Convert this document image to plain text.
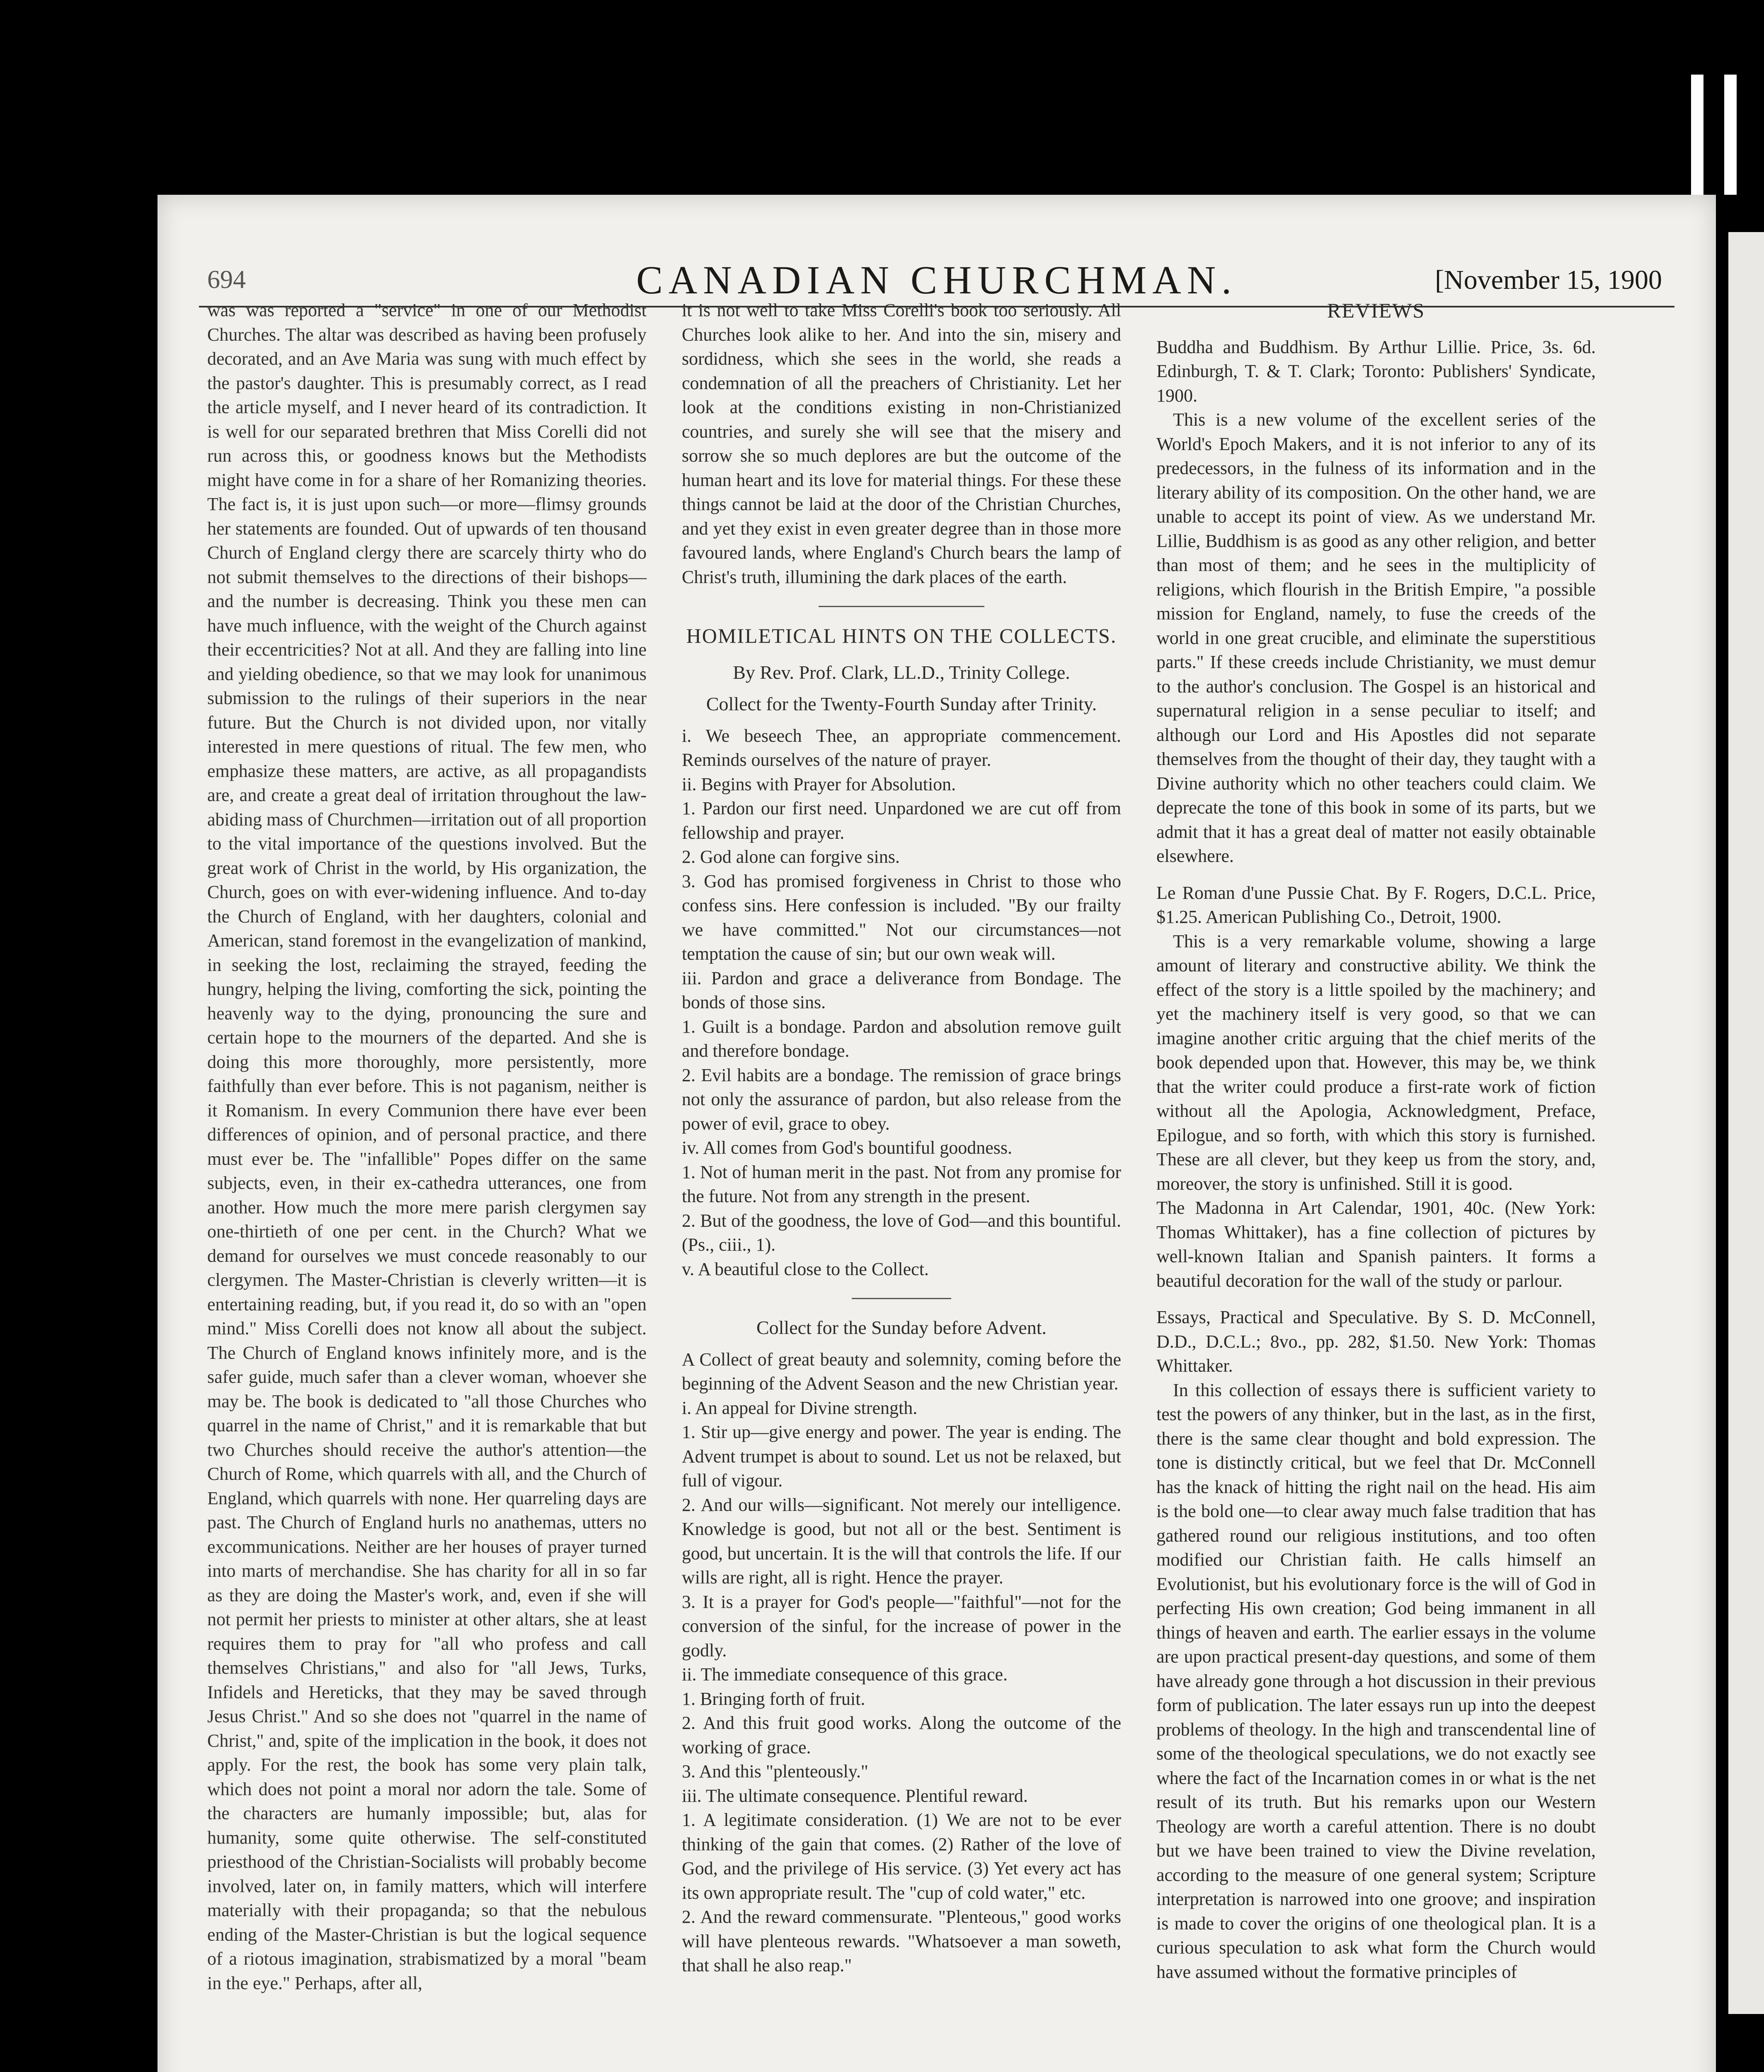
694	CANADIAN CHURCHMAN.	[November 15, 1900

was was reported a "service" in one of our Methodist Churches. The altar was described as having been profusely decorated, and an Ave Maria was sung with much effect by the pastor's daughter. This is presumably correct, as I read the article myself, and I never heard of its contradiction. It is well for our separated brethren that Miss Corelli did not run across this, or goodness knows but the Methodists might have come in for a share of her Romanizing theories. The fact is, it is just upon such—or more—flimsy grounds her statements are founded. Out of upwards of ten thousand Church of England clergy there are scarcely thirty who do not submit themselves to the directions of their bishops—and the number is decreasing. Think you these men can have much influence, with the weight of the Church against their eccentricities? Not at all. And they are falling into line and yielding obedience, so that we may look for unanimous submission to the rulings of their superiors in the near future. But the Church is not divided upon, nor vitally interested in mere questions of ritual. The few men, who emphasize these matters, are active, as all propagandists are, and create a great deal of irritation throughout the law-abiding mass of Churchmen—irritation out of all proportion to the vital importance of the questions involved. But the great work of Christ in the world, by His organization, the Church, goes on with ever-widening influence. And to-day the Church of England, with her daughters, colonial and American, stand foremost in the evangelization of mankind, in seeking the lost, reclaiming the strayed, feeding the hungry, helping the living, comforting the sick, pointing the heavenly way to the dying, pronouncing the sure and certain hope to the mourners of the departed. And she is doing this more thoroughly, more persistently, more faithfully than ever before. This is not paganism, neither is it Romanism. In every Communion there have ever been differences of opinion, and of personal practice, and there must ever be. The "infallible" Popes differ on the same subjects, even, in their ex-cathedra utterances, one from another. How much the more mere parish clergymen say one-thirtieth of one per cent. in the Church? What we demand for ourselves we must concede reasonably to our clergymen. The Master-Christian is cleverly written—it is entertaining reading, but, if you read it, do so with an "open mind." Miss Corelli does not know all about the subject. The Church of England knows infinitely more, and is the safer guide, much safer than a clever woman, whoever she may be. The book is dedicated to "all those Churches who quarrel in the name of Christ," and it is remarkable that but two Churches should receive the author's attention—the Church of Rome, which quarrels with all, and the Church of England, which quarrels with none. Her quarreling days are past. The Church of England hurls no anathemas, utters no excommunications. Neither are her houses of prayer turned into marts of merchandise. She has charity for all in so far as they are doing the Master's work, and, even if she will not permit her priests to minister at other altars, she at least requires them to pray for "all who profess and call themselves Christians," and also for "all Jews, Turks, Infidels and Hereticks, that they may be saved through Jesus Christ." And so she does not "quarrel in the name of Christ," and, spite of the implication in the book, it does not apply. For the rest, the book has some very plain talk, which does not point a moral nor adorn the tale. Some of the characters are humanly impossible; but, alas for humanity, some quite otherwise. The self-constituted priesthood of the Christian-Socialists will probably become involved, later on, in family matters, which will interfere materially with their propaganda; so that the nebulous ending of the Master-Christian is but the logical sequence of a riotous imagination, strabismatized by a moral "beam in the eye." Perhaps, after all,

it is not well to take Miss Corelli's book too seriously. All Churches look alike to her. And into the sin, misery and sordidness, which she sees in the world, she reads a condemnation of all the preachers of Christianity. Let her look at the conditions existing in non-Christianized countries, and surely she will see that the misery and sorrow she so much deplores are but the outcome of the human heart and its love for material things. For these these things cannot be laid at the door of the Christian Churches, and yet they exist in even greater degree than in those more favoured lands, where England's Church bears the lamp of Christ's truth, illumining the dark places of the earth.

HOMILETICAL HINTS ON THE COLLECTS.
By Rev. Prof. Clark, LL.D., Trinity College.
Collect for the Twenty-Fourth Sunday after Trinity.

i. We beseech Thee, an appropriate commencement. Reminds ourselves of the nature of prayer.

ii. Begins with Prayer for Absolution.

1. Pardon our first need. Unpardoned we are cut off from fellowship and prayer.

2. God alone can forgive sins.

3. God has promised forgiveness in Christ to those who confess sins. Here confession is included. "By our frailty we have committed." Not our circumstances—not temptation the cause of sin; but our own weak will.

iii. Pardon and grace a deliverance from Bondage. The bonds of those sins.

1. Guilt is a bondage. Pardon and absolution remove guilt and therefore bondage.

2. Evil habits are a bondage. The remission of grace brings not only the assurance of pardon, but also release from the power of evil, grace to obey.

iv. All comes from God's bountiful goodness.

1. Not of human merit in the past. Not from any promise for the future. Not from any strength in the present.

2. But of the goodness, the love of God—and this bountiful. (Ps., ciii., 1).

v. A beautiful close to the Collect.

Collect for the Sunday before Advent.

A Collect of great beauty and solemnity, coming before the beginning of the Advent Season and the new Christian year.

i. An appeal for Divine strength.

1. Stir up—give energy and power. The year is ending. The Advent trumpet is about to sound. Let us not be relaxed, but full of vigour.

2. And our wills—significant. Not merely our intelligence. Knowledge is good, but not all or the best. Sentiment is good, but uncertain. It is the will that controls the life. If our wills are right, all is right. Hence the prayer.

3. It is a prayer for God's people—"faithful"—not for the conversion of the sinful, for the increase of power in the godly.

ii. The immediate consequence of this grace.

1. Bringing forth of fruit.

2. And this fruit good works. Along the outcome of the working of grace.

3. And this "plenteously."

iii. The ultimate consequence. Plentiful reward.

1. A legitimate consideration. (1) We are not to be ever thinking of the gain that comes. (2) Rather of the love of God, and the privilege of His service. (3) Yet every act has its own appropriate result. The "cup of cold water," etc.

2. And the reward commensurate. "Plenteous," good works will have plenteous rewards. "Whatsoever a man soweth, that shall he also reap."

REVIEWS

Buddha and Buddhism. By Arthur Lillie. Price, 3s. 6d. Edinburgh, T. & T. Clark; Toronto: Publishers' Syndicate, 1900.

This is a new volume of the excellent series of the World's Epoch Makers, and it is not inferior to any of its predecessors, in the fulness of its information and in the literary ability of its composition. On the other hand, we are unable to accept its point of view. As we understand Mr. Lillie, Buddhism is as good as any other religion, and better than most of them; and he sees in the multiplicity of religions, which flourish in the British Empire, "a possible mission for England, namely, to fuse the creeds of the world in one great crucible, and eliminate the superstitious parts." If these creeds include Christianity, we must demur to the author's conclusion. The Gospel is an historical and supernatural religion in a sense peculiar to itself; and although our Lord and His Apostles did not separate themselves from the thought of their day, they taught with a Divine authority which no other teachers could claim. We deprecate the tone of this book in some of its parts, but we admit that it has a great deal of matter not easily obtainable elsewhere.

Le Roman d'une Pussie Chat. By F. Rogers, D.C.L. Price, $1.25. American Publishing Co., Detroit, 1900.

This is a very remarkable volume, showing a large amount of literary and constructive ability. We think the effect of the story is a little spoiled by the machinery; and yet the machinery itself is very good, so that we can imagine another critic arguing that the chief merits of the book depended upon that. However, this may be, we think that the writer could produce a first-rate work of fiction without all the Apologia, Acknowledgment, Preface, Epilogue, and so forth, with which this story is furnished. These are all clever, but they keep us from the story, and, moreover, the story is unfinished. Still it is good.

The Madonna in Art Calendar, 1901, 40c. (New York: Thomas Whittaker), has a fine collection of pictures by well-known Italian and Spanish painters. It forms a beautiful decoration for the wall of the study or parlour.

Essays, Practical and Speculative. By S. D. McConnell, D.D., D.C.L.; 8vo., pp. 282, $1.50. New York: Thomas Whittaker.

In this collection of essays there is sufficient variety to test the powers of any thinker, but in the last, as in the first, there is the same clear thought and bold expression. The tone is distinctly critical, but we feel that Dr. McConnell has the knack of hitting the right nail on the head. His aim is the bold one—to clear away much false tradition that has gathered round our religious institutions, and too often modified our Christian faith. He calls himself an Evolutionist, but his evolutionary force is the will of God in perfecting His own creation; God being immanent in all things of heaven and earth. The earlier essays in the volume are upon practical present-day questions, and some of them have already gone through a hot discussion in their previous form of publication. The later essays run up into the deepest problems of theology. In the high and transcendental line of some of the theological speculations, we do not exactly see where the fact of the Incarnation comes in or what is the net result of its truth. But his remarks upon our Western Theology are worth a careful attention. There is no doubt but we have been trained to view the Divine revelation, according to the measure of one general system; Scripture interpretation is narrowed into one groove; and inspiration is made to cover the origins of one theological plan. It is a curious speculation to ask what form the Church would have assumed without the formative principles of
